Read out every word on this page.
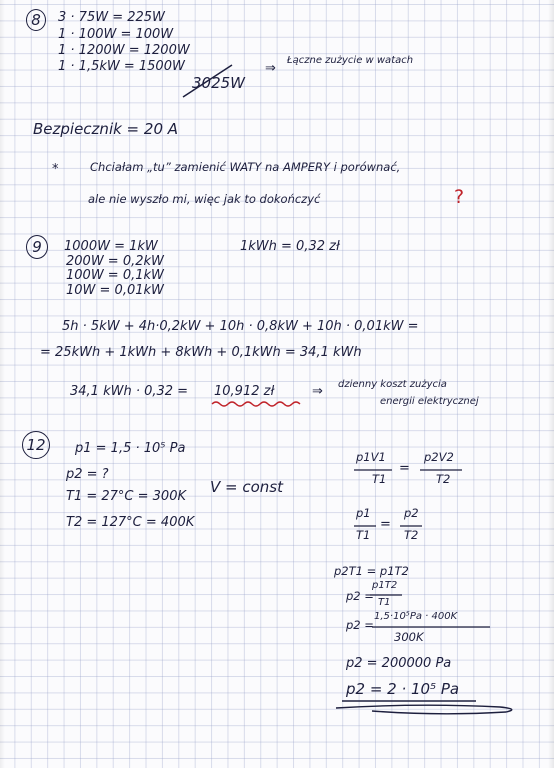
8 3 · 75W = 225W
1 · 100W = 100W
1 · 1200W = 1200W
1 · 1,5kW = 1500W
3025W
⇒
Łączne zużycie w watach
Bezpiecznik = 20 A
*	Chciałam „tu” zamienić WATY na AMPERY i porównać,
ale nie wyszło mi, więc jak to dokończyć	?
9 1000W = 1kW
200W = 0,2kW
100W = 0,1kW
10W = 0,01kW
1kWh = 0,32 zł
5h · 5kW + 4h·0,2kW + 10h · 0,8kW + 10h · 0,01kW =
= 25kWh + 1kWh + 8kWh + 0,1kWh = 34,1 kWh
34,1 kWh · 0,32 = 10,912 zł	⇒ dzienny koszt zużycia
energii elektrycznej
12 p1 = 1,5 · 10⁵ Pa
p2 = ?
T1 = 27°C = 300K
T2 = 127°C = 400K
V = const
p1V1
T1
=
p2V2
T2
p1
T1
=
p2
T2
p2T1 = p1T2
p2 =
p1T2
T1
p2 =
1,5·10⁵Pa · 400K
300K
p2 = 200000 Pa
p2 = 2 · 10⁵ Pa
